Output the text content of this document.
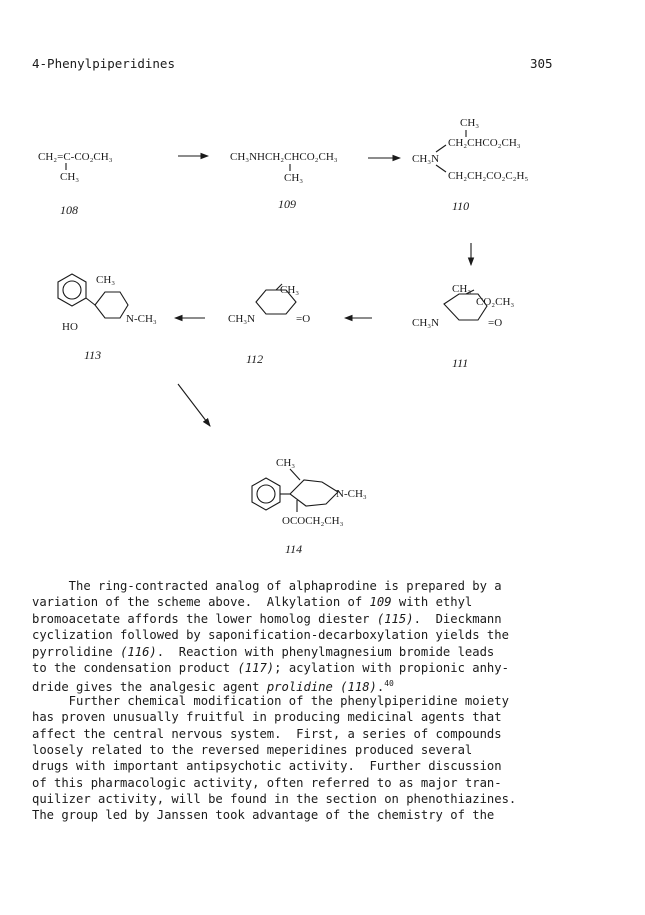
4-Phenylpiperidines	305
CH₂=C-CO₂CH₃
CH₃
108
CH₃NHCH₂CHCO₂CH₃
CH₃
109
CH₃
CH₂CHCO₂CH₃
CH₃N
CH₂CH₂CO₂C₂H₅
110
CH₃
CO₂CH₃
CH₃N	=O
111
CH₃
CH₃N	=O
112
CH₃
N-CH₃
HO
113
CH₃
N-CH₃
OCOCH₂CH₃
114
The ring-contracted analog of alphaprodine is prepared by a
variation of the scheme above.  Alkylation of 109 with ethyl
bromoacetate affords the lower homolog diester (115).  Dieckmann
cyclization followed by saponification-decarboxylation yields the
pyrrolidine (116).  Reaction with phenylmagnesium bromide leads
to the condensation product (117); acylation with propionic anhy-
dride gives the analgesic agent prolidine (118).$^{40}$
Further chemical modification of the phenylpiperidine moiety
has proven unusually fruitful in producing medicinal agents that
affect the central nervous system.  First, a series of compounds
loosely related to the reversed meperidines produced several
drugs with important antipsychotic activity.  Further discussion
of this pharmacologic activity, often referred to as major tran-
quilizer activity, will be found in the section on phenothiazines.
The group led by Janssen took advantage of the chemistry of the
